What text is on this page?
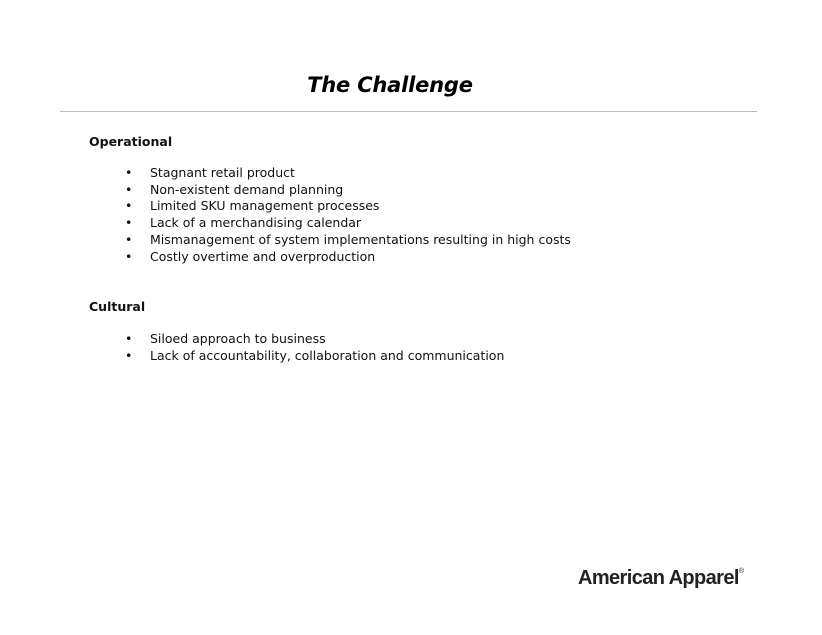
The Challenge
Operational
• Stagnant retail product
• Non-existent demand planning
• Limited SKU management processes
• Lack of a merchandising calendar
• Mismanagement of system implementations resulting in high costs
• Costly overtime and overproduction
Cultural
• Siloed approach to business
• Lack of accountability, collaboration and communication
American Apparel®
